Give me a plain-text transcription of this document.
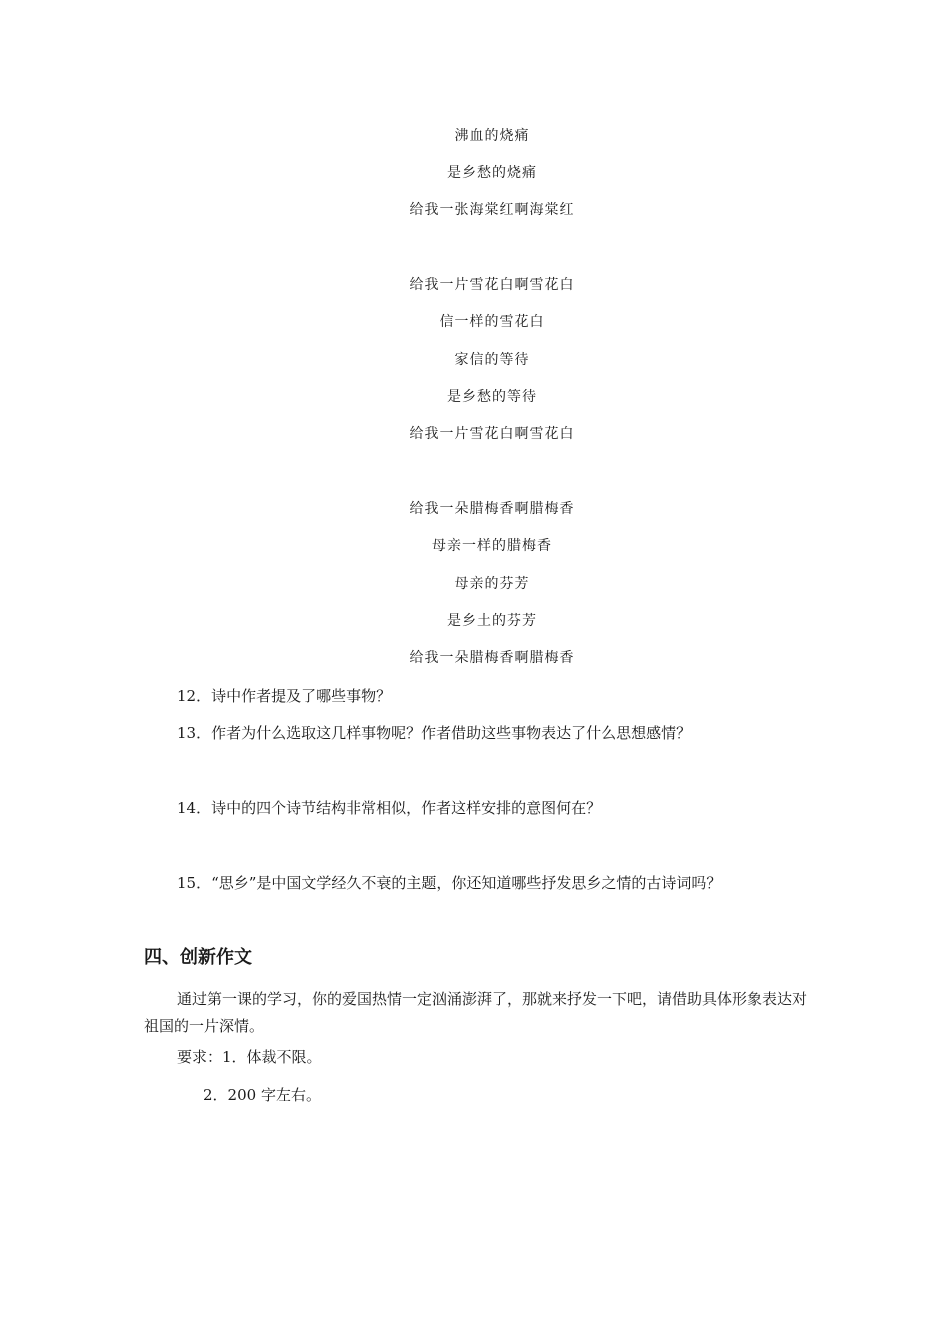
沸血的烧痛
是乡愁的烧痛
给我一张海棠红啊海棠红
给我一片雪花白啊雪花白
信一样的雪花白
家信的等待
是乡愁的等待
给我一片雪花白啊雪花白
给我一朵腊梅香啊腊梅香
母亲一样的腊梅香
母亲的芬芳
是乡土的芬芳
给我一朵腊梅香啊腊梅香
12．诗中作者提及了哪些事物？
13．作者为什么选取这几样事物呢？作者借助这些事物表达了什么思想感情？
14．诗中的四个诗节结构非常相似，作者这样安排的意图何在？
15．“思乡”是中国文学经久不衰的主题，你还知道哪些抒发思乡之情的古诗词吗？
四、创新作文

通过第一课的学习，你的爱国热情一定汹涌澎湃了，那就来抒发一下吧，请借助具体形象表达对祖国的一片深情。

要求：1．体裁不限。
2．200 字左右。
